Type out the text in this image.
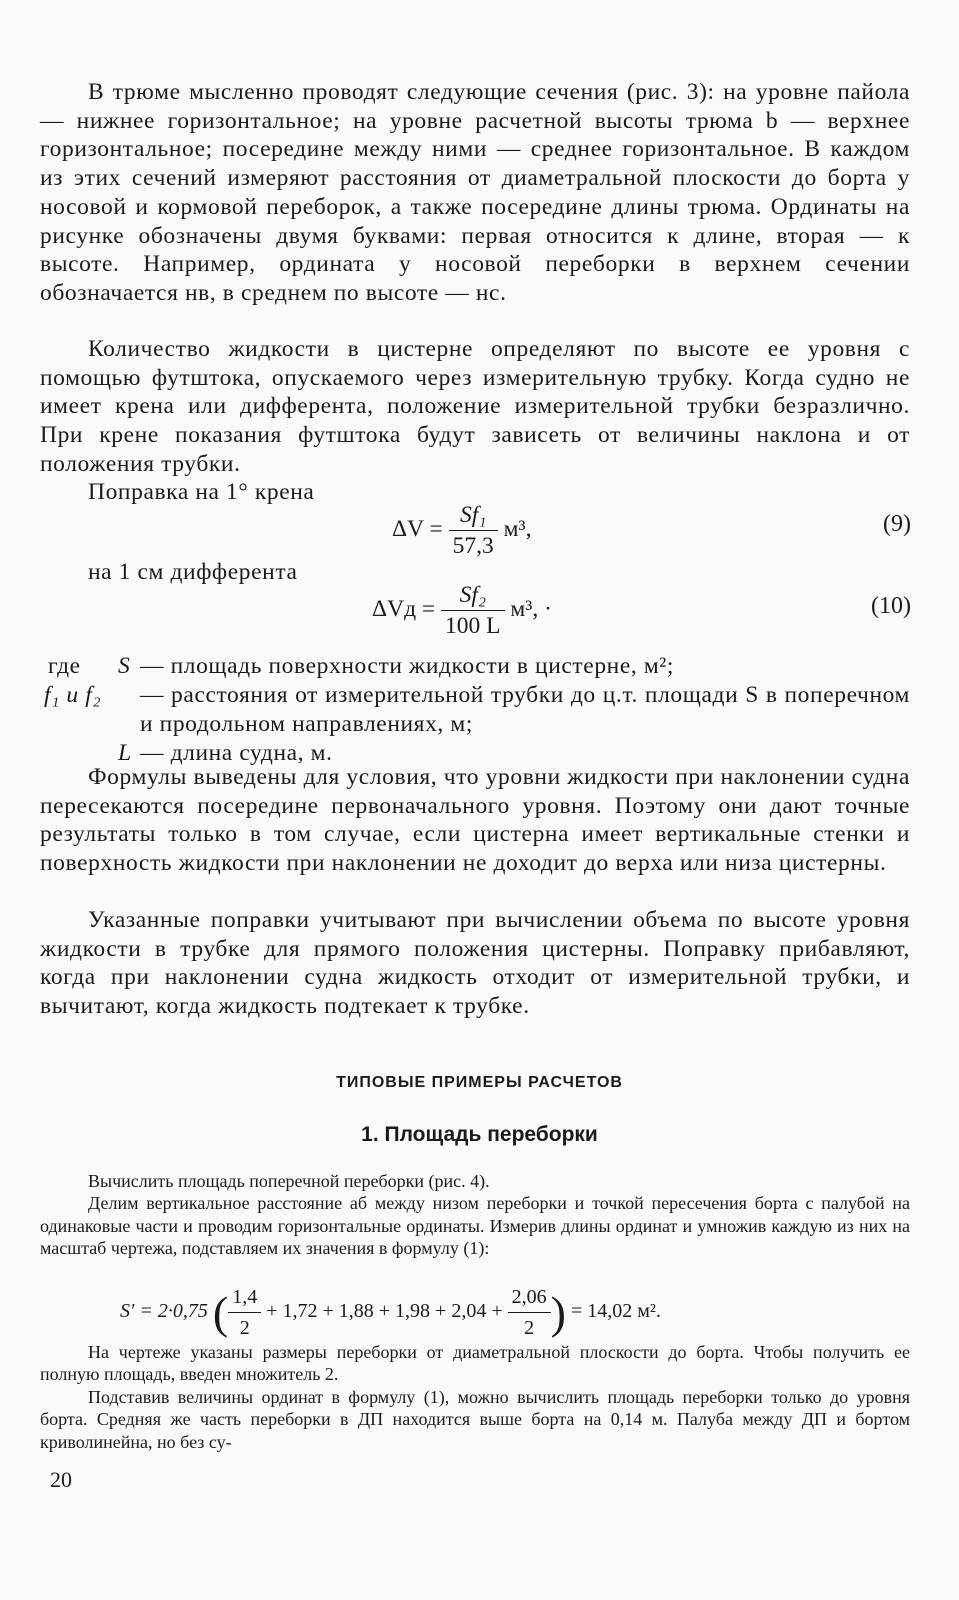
В трюме мысленно проводят следующие сечения (рис. 3): на уровне пайола — нижнее горизонтальное; на уровне расчетной высоты трюма b — верхнее горизонтальное; посередине между ними — среднее горизонтальное. В каждом из этих сечений измеряют расстояния от диаметральной плоскости до борта у носовой и кормовой переборок, а также посередине длины трюма. Ординаты на рисунке обозначены двумя буквами: первая относится к длине, вторая — к высоте. Например, ордината у носовой переборки в верхнем сечении обозначается нв, в среднем по высоте — нс.

Количество жидкости в цистерне определяют по высоте ее уровня с помощью футштока, опускаемого через измерительную трубку. Когда судно не имеет крена или дифферента, положение измерительной трубки безразлично. При крене показания футштока будут зависеть от величины наклона и от положения трубки.

Поправка на 1° крена

$\Delta V = \frac{\text{Sf₁}}{57,3} м^3$,	(9)

на 1 см дифферента

$\Delta Vд = \frac{\text{Sf₂}}{100 L} м^3$, ·	(10)
где S — площадь поверхности жидкости в цистерне, м²;
f₁ и f₂ — расстояния от измерительной трубки до ц.т. площади S в поперечном и продольном направлениях, м;
L — длина судна, м.

Формулы выведены для условия, что уровни жидкости при наклонении судна пересекаются посередине первоначального уровня. Поэтому они дают точные результаты только в том случае, если цистерна имеет вертикальные стенки и поверхность жидкости при наклонении не доходит до верха или низа цистерны.

Указанные поправки учитывают при вычислении объема по высоте уровня жидкости в трубке для прямого положения цистерны. Поправку прибавляют, когда при наклонении судна жидкость отходит от измерительной трубки, и вычитают, когда жидкость подтекает к трубке.

ТИПОВЫЕ ПРИМЕРЫ РАСЧЕТОВ
1. Площадь переборки

Вычислить площадь поперечной переборки (рис. 4).

Делим вертикальное расстояние аб между низом переборки и точкой пересечения борта с палубой на одинаковые части и проводим горизонтальные ординаты. Измерив длины ординат и умножив каждую из них на масштаб чертежа, подставляем их значения в формулу (1):

S′ = 2·0,75 ( $\frac{1,4}{2} + 1,72 + 1,88 + 1,98 + 2,04 + \frac{2,06}{2}$ ) = 14,02 м².

На чертеже указаны размеры переборки от диаметральной плоскости до борта. Чтобы получить ее полную площадь, введен множитель 2.

Подставив величины ординат в формулу (1), можно вычислить площадь переборки только до уровня борта. Средняя же часть переборки в ДП находится выше борта на 0,14 м. Палуба между ДП и бортом криволинейна, но без су-

20
